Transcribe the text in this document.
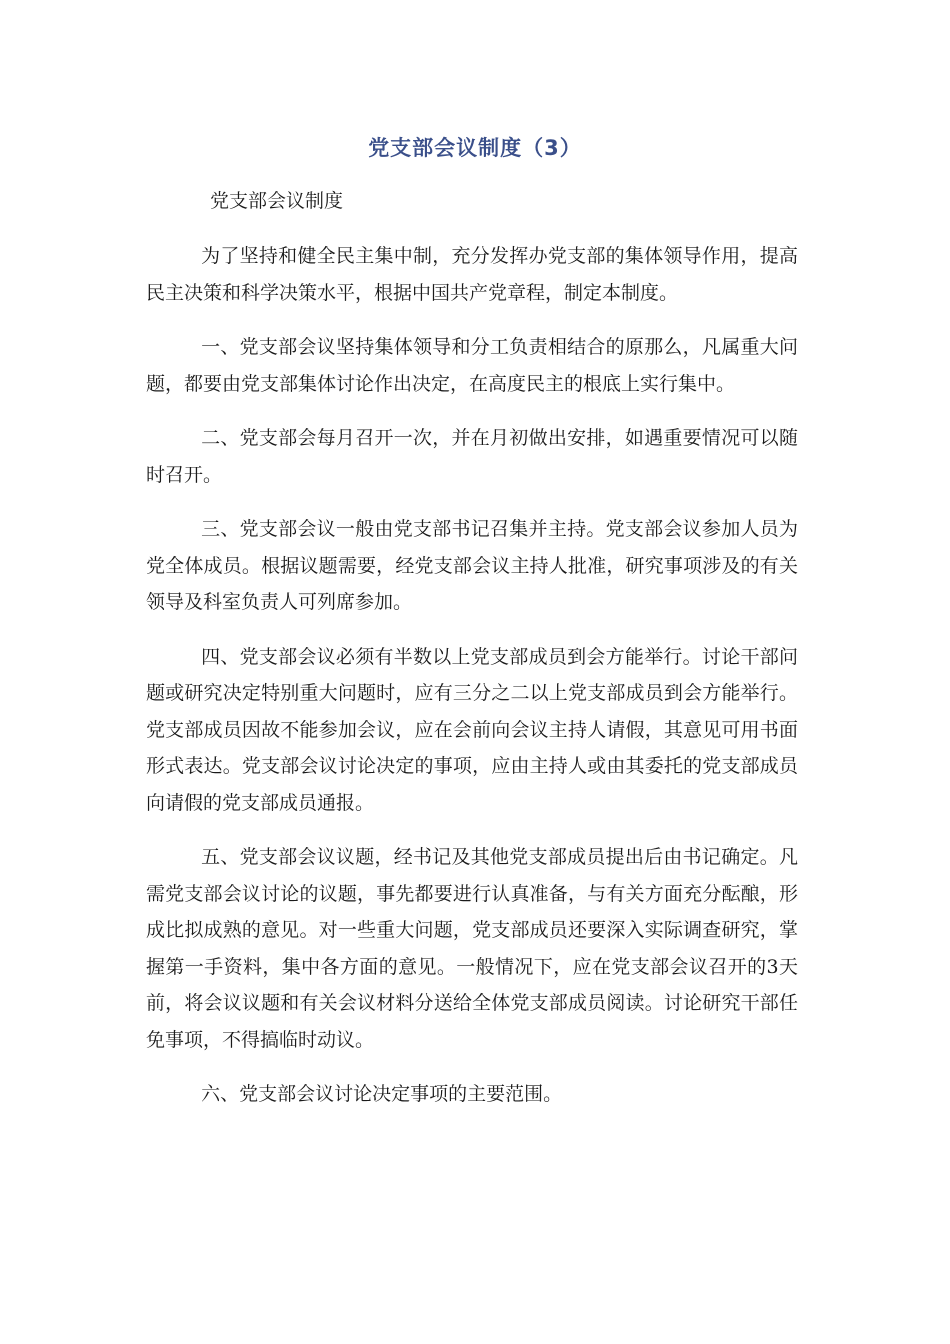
党支部会议制度（3）
党支部会议制度

为了坚持和健全民主集中制，充分发挥办党支部的集体领导作用，提高民主决策和科学决策水平，根据中国共产党章程，制定本制度。

一、党支部会议坚持集体领导和分工负责相结合的原那么，凡属重大问题，都要由党支部集体讨论作出决定，在高度民主的根底上实行集中。

二、党支部会每月召开一次，并在月初做出安排，如遇重要情况可以随时召开。

三、党支部会议一般由党支部书记召集并主持。党支部会议参加人员为党全体成员。根据议题需要，经党支部会议主持人批准，研究事项涉及的有关领导及科室负责人可列席参加。

四、党支部会议必须有半数以上党支部成员到会方能举行。讨论干部问题或研究决定特别重大问题时，应有三分之二以上党支部成员到会方能举行。党支部成员因故不能参加会议，应在会前向会议主持人请假，其意见可用书面形式表达。党支部会议讨论决定的事项，应由主持人或由其委托的党支部成员向请假的党支部成员通报。

五、党支部会议议题，经书记及其他党支部成员提出后由书记确定。凡需党支部会议讨论的议题，事先都要进行认真准备，与有关方面充分酝酿，形成比拟成熟的意见。对一些重大问题，党支部成员还要深入实际调查研究，掌握第一手资料，集中各方面的意见。一般情况下，应在党支部会议召开的3天前，将会议议题和有关会议材料分送给全体党支部成员阅读。讨论研究干部任免事项，不得搞临时动议。

六、党支部会议讨论决定事项的主要范围。
